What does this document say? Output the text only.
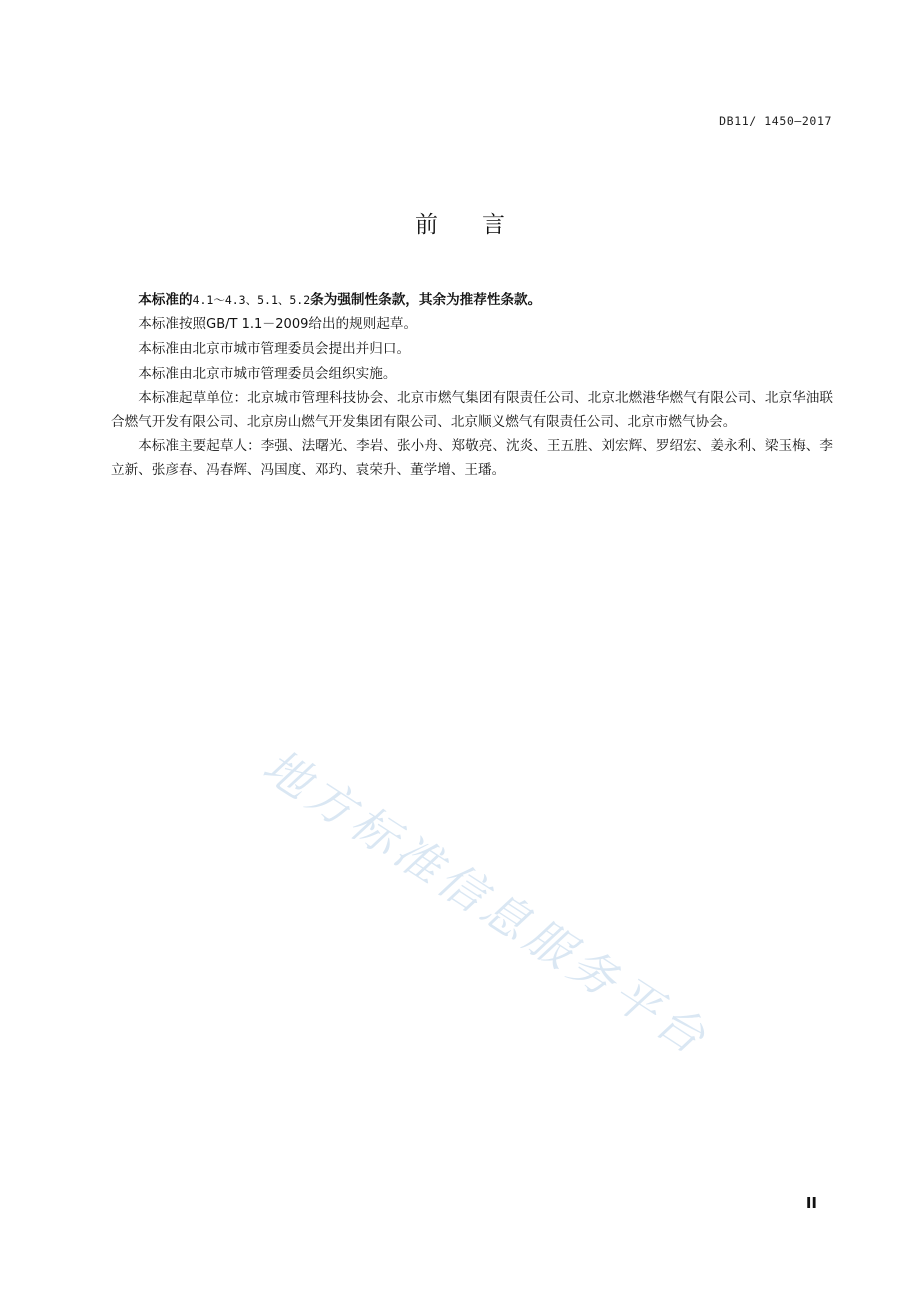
DB11/ 1450—2017
前言

本标准的4.1～4.3、5.1、5.2条为强制性条款，其余为推荐性条款。

本标准按照GB/T 1.1－2009给出的规则起草。

本标准由北京市城市管理委员会提出并归口。

本标准由北京市城市管理委员会组织实施。

本标准起草单位：北京城市管理科技协会、北京市燃气集团有限责任公司、北京北燃港华燃气有限公司、北京华油联合燃气开发有限公司、北京房山燃气开发集团有限公司、北京顺义燃气有限责任公司、北京市燃气协会。

本标准主要起草人：李强、法曙光、李岩、张小舟、郑敬亮、沈炎、王五胜、刘宏辉、罗绍宏、姜永利、梁玉梅、李立新、张彦春、冯春辉、冯国度、邓玓、袁荣升、董学增、王璠。

地方标准信息服务平台
II
